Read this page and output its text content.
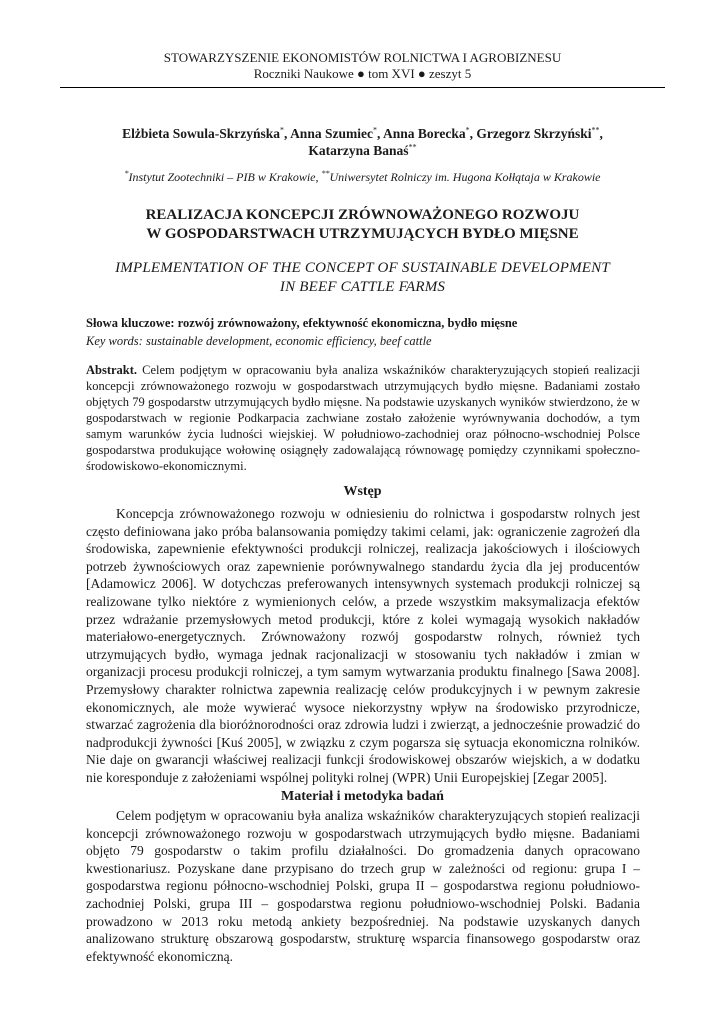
STOWARZYSZENIE EKONOMISTÓW ROLNICTWA I AGROBIZNESU
Roczniki Naukowe ● tom XVI ● zeszyt 5
Elżbieta Sowula-Skrzyńska*, Anna Szumiec*, Anna Borecka*, Grzegorz Skrzyński**,
Katarzyna Banaś**
*Instytut Zootechniki – PIB w Krakowie, **Uniwersytet Rolniczy im. Hugona Kołłątaja w Krakowie
REALIZACJA KONCEPCJI ZRÓWNOWAŻONEGO ROZWOJU
W GOSPODARSTWACH UTRZYMUJĄCYCH BYDŁO MIĘSNE
IMPLEMENTATION OF THE CONCEPT OF SUSTAINABLE DEVELOPMENT
IN BEEF CATTLE FARMS
Słowa kluczowe: rozwój zrównoważony, efektywność ekonomiczna, bydło mięsne
Key words: sustainable development, economic efficiency, beef cattle
Abstrakt. Celem podjętym w opracowaniu była analiza wskaźników charakteryzujących stopień realizacji koncepcji zrównoważonego rozwoju w gospodarstwach utrzymujących bydło mięsne. Badaniami zostało objętych 79 gospodarstw utrzymujących bydło mięsne. Na podstawie uzyskanych wyników stwierdzono, że w gospodarstwach w regionie Podkarpacia zachwiane zostało założenie wyrównywania dochodów, a tym samym warunków życia ludności wiejskiej. W południowo-zachodniej oraz północno-wschodniej Polsce gospodarstwa produkujące wołowinę osiągnęły zadowalającą równowagę pomiędzy czynnikami społeczno-środowiskowo-ekonomicznymi.
Wstęp
Koncepcja zrównoważonego rozwoju w odniesieniu do rolnictwa i gospodarstw rolnych jest często definiowana jako próba balansowania pomiędzy takimi celami, jak: ograniczenie zagrożeń dla środowiska, zapewnienie efektywności produkcji rolniczej, realizacja jakościowych i ilościowych potrzeb żywnościowych oraz zapewnienie porównywalnego standardu życia dla jej producentów [Adamowicz 2006]. W dotychczas preferowanych intensywnych systemach produkcji rolniczej są realizowane tylko niektóre z wymienionych celów, a przede wszystkim maksymalizacja efektów przez wdrażanie przemysłowych metod produkcji, które z kolei wymagają wysokich nakładów materiałowo-energetycznych. Zrównoważony rozwój gospodarstw rolnych, również tych utrzymujących bydło, wymaga jednak racjonalizacji w stosowaniu tych nakładów i zmian w organizacji procesu produkcji rolniczej, a tym samym wytwarzania produktu finalnego [Sawa 2008]. Przemysłowy charakter rolnictwa zapewnia realizację celów produkcyjnych i w pewnym zakresie ekonomicznych, ale może wywierać wysoce niekorzystny wpływ na środowisko przyrodnicze, stwarzać zagrożenia dla bioróżnorodności oraz zdrowia ludzi i zwierząt, a jednocześnie prowadzić do nadprodukcji żywności [Kuś 2005], w związku z czym pogarsza się sytuacja ekonomiczna rolników. Nie daje on gwarancji właściwej realizacji funkcji środowiskowej obszarów wiejskich, a w dodatku nie koresponduje z założeniami wspólnej polityki rolnej (WPR) Unii Europejskiej [Zegar 2005].
Materiał i metodyka badań
Celem podjętym w opracowaniu była analiza wskaźników charakteryzujących stopień realizacji koncepcji zrównoważonego rozwoju w gospodarstwach utrzymujących bydło mięsne. Badaniami objęto 79 gospodarstw o takim profilu działalności. Do gromadzenia danych opracowano kwestionariusz. Pozyskane dane przypisano do trzech grup w zależności od regionu: grupa I – gospodarstwa regionu północno-wschodniej Polski, grupa II – gospodarstwa regionu południowo-zachodniej Polski, grupa III – gospodarstwa regionu południowo-wschodniej Polski. Badania prowadzono w 2013 roku metodą ankiety bezpośredniej. Na podstawie uzyskanych danych analizowano strukturę obszarową gospodarstw, strukturę wsparcia finansowego gospodarstw oraz efektywność ekonomiczną.
